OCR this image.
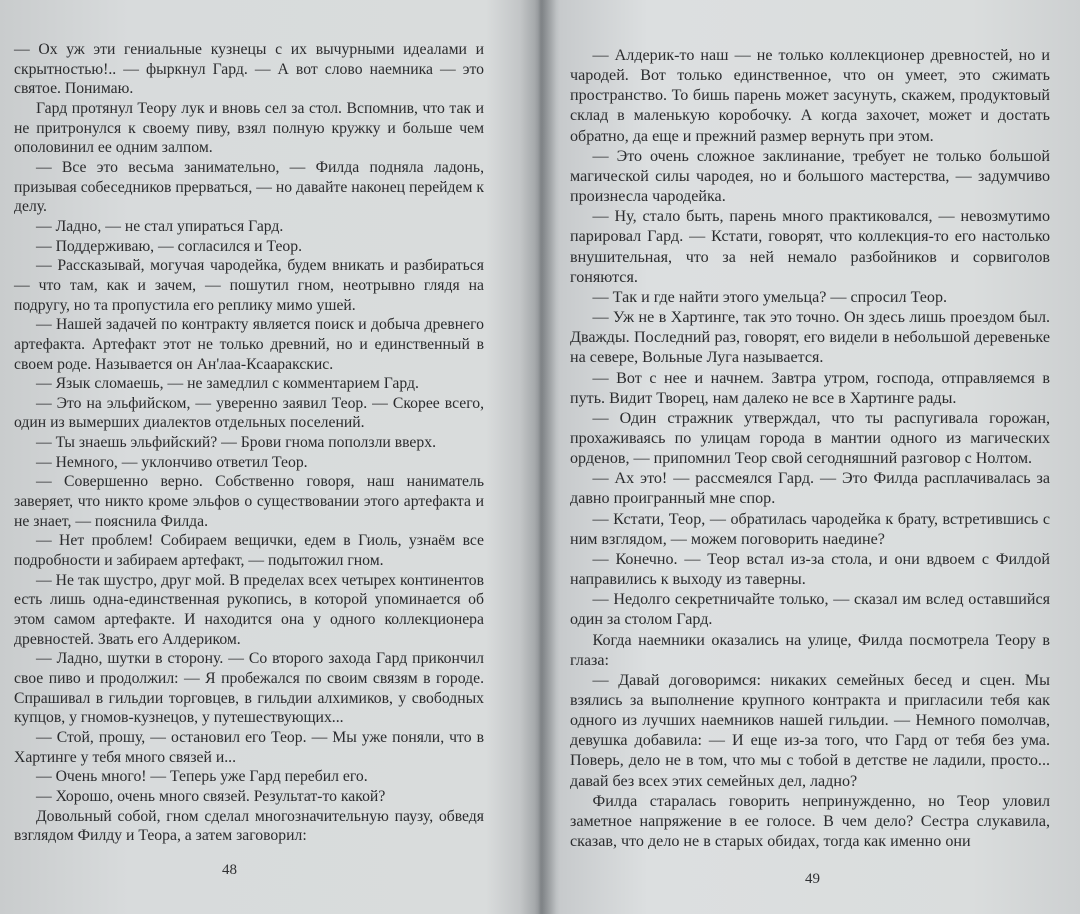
— Ох уж эти гениальные кузнецы с их вычурными идеалами и скрытностью!.. — фыркнул Гард. — А вот слово наемника — это святое. Понимаю.

Гард протянул Теору лук и вновь сел за стол. Вспомнив, что так и не притронулся к своему пиву, взял полную кружку и больше чем ополовинил ее одним залпом.

— Все это весьма занимательно, — Филда подняла ладонь, призывая собеседников прерваться, — но давайте наконец перейдем к делу.

— Ладно, — не стал упираться Гард.

— Поддерживаю, — согласился и Теор.

— Рассказывай, могучая чародейка, будем вникать и разбираться — что там, как и зачем, — пошутил гном, неотрывно глядя на подругу, но та пропустила его реплику мимо ушей.

— Нашей задачей по контракту является поиск и добыча древнего артефакта. Артефакт этот не только древний, но и единственный в своем роде. Называется он Ан'лаа-Ксааракскис.

— Язык сломаешь, — не замедлил с комментарием Гард.

— Это на эльфийском, — уверенно заявил Теор. — Скорее всего, один из вымерших диалектов отдельных поселений.

— Ты знаешь эльфийский? — Брови гнома поползли вверх.

— Немного, — уклончиво ответил Теор.

— Совершенно верно. Собственно говоря, наш наниматель заверяет, что никто кроме эльфов о существовании этого артефакта и не знает, — пояснила Филда.

— Нет проблем! Собираем вещички, едем в Гиоль, узнаём все подробности и забираем артефакт, — подытожил гном.

— Не так шустро, друг мой. В пределах всех четырех континентов есть лишь одна-единственная рукопись, в которой упоминается об этом самом артефакте. И находится она у одного коллекционера древностей. Звать его Алдериком.

— Ладно, шутки в сторону. — Со второго захода Гард прикончил свое пиво и продолжил: — Я пробежался по своим связям в городе. Спрашивал в гильдии торговцев, в гильдии алхимиков, у свободных купцов, у гномов-кузнецов, у путешествующих...

— Стой, прошу, — остановил его Теор. — Мы уже поняли, что в Хартинге у тебя много связей и...

— Очень много! — Теперь уже Гард перебил его.

— Хорошо, очень много связей. Результат-то какой?

Довольный собой, гном сделал многозначительную паузу, обведя взглядом Филду и Теора, а затем заговорил:

48

— Алдерик-то наш — не только коллекционер древностей, но и чародей. Вот только единственное, что он умеет, это сжимать пространство. То бишь парень может засунуть, скажем, продуктовый склад в маленькую коробочку. А когда захочет, может и достать обратно, да еще и прежний размер вернуть при этом.

— Это очень сложное заклинание, требует не только большой магической силы чародея, но и большого мастерства, — задумчиво произнесла чародейка.

— Ну, стало быть, парень много практиковался, — невозмутимо парировал Гард. — Кстати, говорят, что коллекция-то его настолько внушительная, что за ней немало разбойников и сорвиголов гоняются.

— Так и где найти этого умельца? — спросил Теор.

— Уж не в Хартинге, так это точно. Он здесь лишь проездом был. Дважды. Последний раз, говорят, его видели в небольшой деревеньке на севере, Вольные Луга называется.

— Вот с нее и начнем. Завтра утром, господа, отправляемся в путь. Видит Творец, нам далеко не все в Хартинге рады.

— Один стражник утверждал, что ты распугивала горожан, прохаживаясь по улицам города в мантии одного из магических орденов, — припомнил Теор свой сегодняшний разговор с Нолтом.

— Ах это! — рассмеялся Гард. — Это Филда расплачивалась за давно проигранный мне спор.

— Кстати, Теор, — обратилась чародейка к брату, встретившись с ним взглядом, — можем поговорить наедине?

— Конечно. — Теор встал из-за стола, и они вдвоем с Филдой направились к выходу из таверны.

— Недолго секретничайте только, — сказал им вслед оставшийся один за столом Гард.

Когда наемники оказались на улице, Филда посмотрела Теору в глаза:

— Давай договоримся: никаких семейных бесед и сцен. Мы взялись за выполнение крупного контракта и пригласили тебя как одного из лучших наемников нашей гильдии. — Немного помолчав, девушка добавила: — И еще из-за того, что Гард от тебя без ума. Поверь, дело не в том, что мы с тобой в детстве не ладили, просто... давай без всех этих семейных дел, ладно?

Филда старалась говорить непринужденно, но Теор уловил заметное напряжение в ее голосе. В чем дело? Сестра слукавила, сказав, что дело не в старых обидах, тогда как именно они

49
